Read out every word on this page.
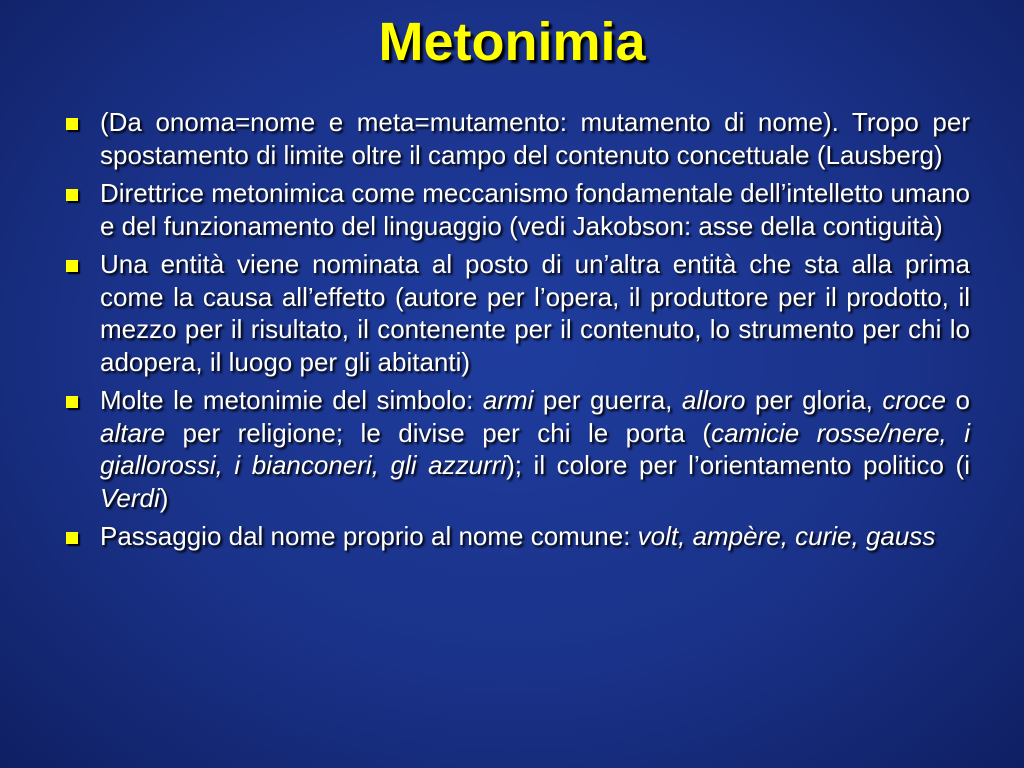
Metonimia
(Da onoma=nome e meta=mutamento: mutamento di nome). Tropo per spostamento di limite oltre il campo del contenuto concettuale (Lausberg)
Direttrice metonimica come meccanismo fondamentale dell’intelletto umano e del funzionamento del linguaggio (vedi Jakobson: asse della contiguità)
Una entità viene nominata al posto di un’altra entità che sta alla prima come la causa all’effetto (autore per l’opera, il produttore per il prodotto, il mezzo per il risultato, il contenente per il contenuto, lo strumento per chi lo adopera, il luogo per gli abitanti)
Molte le metonimie del simbolo: armi per guerra, alloro per gloria, croce o altare per religione; le divise per chi le porta (camicie rosse/nere, i giallorossi, i bianconeri, gli azzurri); il colore per l’orientamento politico (i Verdi)
Passaggio dal nome proprio al nome comune: volt, ampère, curie, gauss
